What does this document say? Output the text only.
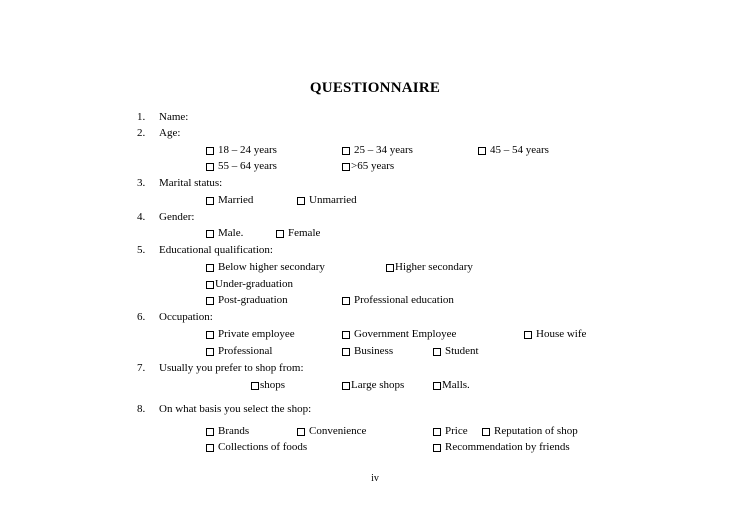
QUESTIONNAIRE
1. Name:
2. Age:
18 – 24 years	25 – 34 years	45 – 54 years
55 – 64 years	>65 years
3. Marital status:
Married	Unmarried
4. Gender:
Male.	Female
5. Educational qualification:
Below higher secondary	Higher secondary
Under-graduation
Post-graduation	Professional education
6. Occupation:
Private employee	Government Employee	House wife
Professional	Business	Student
7. Usually you prefer to shop from:
shops	Large shops	Malls.
8. On what basis you select the shop:
Brands	Convenience	Price Reputation of shop
Collections of foods	Recommendation by friends
iv
